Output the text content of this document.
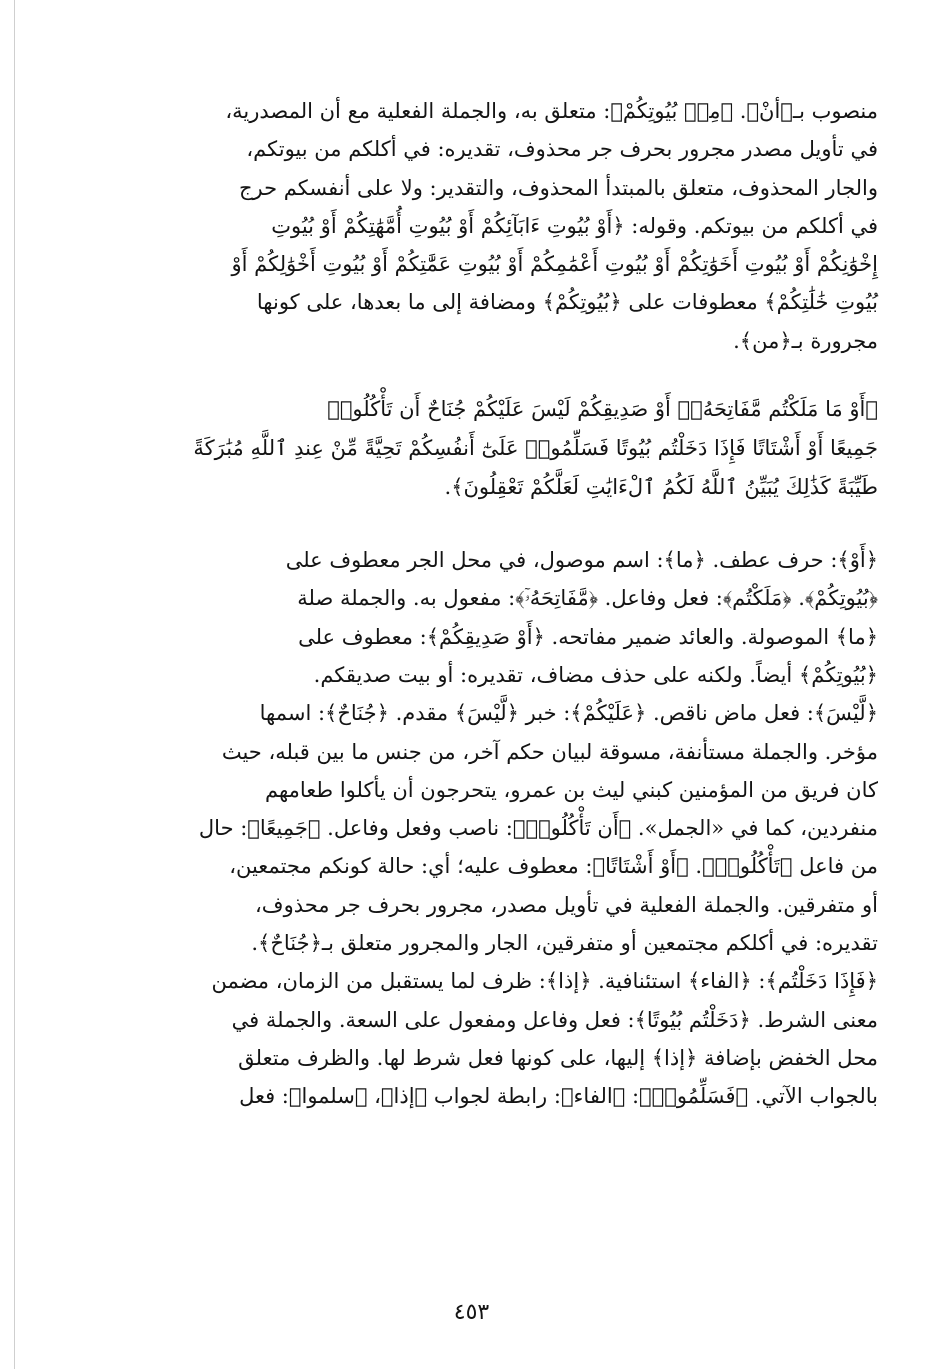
منصوب بـ﴿أنْ﴾. ﴿مِنۢ بُيُوتِكُمْ﴾: متعلق به، والجملة الفعلية مع أن المصدرية،

في تأويل مصدر مجرور بحرف جر محذوف، تقديره: في أكلكم من بيوتكم،

والجار المحذوف، متعلق بالمبتدأ المحذوف، والتقدير: ولا على أنفسكم حرج

في أكلكم من بيوتكم. وقوله: ﴿أَوْ بُيُوتِ ءَابَآئِكُمْ أَوْ بُيُوتِ أُمَّهَٰتِكُمْ أَوْ بُيُوتِ

إِخْوَٰنِكُمْ أَوْ بُيُوتِ أَخَوَٰتِكُمْ أَوْ بُيُوتِ أَعْمَٰمِكُمْ أَوْ بُيُوتِ عَمَّٰتِكُمْ أَوْ بُيُوتِ أَخْوَٰلِكُمْ أَوْ

بُيُوتِ خَٰلَٰتِكُمْ﴾ معطوفات على ﴿بُيُوتِكُمْ﴾ ومضافة إلى ما بعدها، على كونها

مجرورة بـ﴿من﴾.

﴿أَوْ مَا مَلَكْتُم مَّفَاتِحَهُۥٓ أَوْ صَدِيقِكُمْ لَيْسَ عَلَيْكُمْ جُنَاحٌ أَن تَأْكُلُوا۟

جَمِيعًا أَوْ أَشْتَاتًا فَإِذَا دَخَلْتُم بُيُوتًا فَسَلِّمُوا۟ عَلَىٰٓ أَنفُسِكُمْ تَحِيَّةً مِّنْ عِندِ ٱللَّهِ مُبَٰرَكَةً

طَيِّبَةً كَذَٰلِكَ يُبَيِّنُ ٱللَّهُ لَكُمُ ٱلْءَايَٰتِ لَعَلَّكُمْ تَعْقِلُونَ﴾.

﴿أَوْ﴾: حرف عطف. ﴿ما﴾: اسم موصول، في محل الجر معطوف على

﴿بُيُوتِكُمْ﴾. ﴿مَلَكْتُم﴾: فعل وفاعل. ﴿مَّفَاتِحَهُۥٓ﴾: مفعول به. والجملة صلة

﴿ما﴾ الموصولة. والعائد ضمير مفاتحه. ﴿أَوْ صَدِيقِكُمْ﴾: معطوف على

﴿بُيُوتِكُمْ﴾ أيضاً. ولكنه على حذف مضاف، تقديره: أو بيت صديقكم.

﴿لَّيْسَ﴾: فعل ماض ناقص. ﴿عَلَيْكُمْ﴾: خبر ﴿لَّيْسَ﴾ مقدم. ﴿جُنَاحٌ﴾: اسمها

مؤخر. والجملة مستأنفة، مسوقة لبيان حكم آخر، من جنس ما بين قبله، حيث

كان فريق من المؤمنين كبني ليث بن عمرو، يتحرجون أن يأكلوا طعامهم

منفردين، كما في «الجمل». ﴿أَن تَأْكُلُوا۟﴾: ناصب وفعل وفاعل. ﴿جَمِيعًا﴾: حال

من فاعل ﴿تَأْكُلُوا۟﴾. ﴿أَوْ أَشْتَاتًا﴾: معطوف عليه؛ أي: حالة كونكم مجتمعين،

أو متفرقين. والجملة الفعلية في تأويل مصدر، مجرور بحرف جر محذوف،

تقديره: في أكلكم مجتمعين أو متفرقين، الجار والمجرور متعلق بـ﴿جُنَاحٌ﴾.

﴿فَإِذَا دَخَلْتُم﴾: ﴿الفاء﴾ استئنافية. ﴿إذا﴾: ظرف لما يستقبل من الزمان، مضمن

معنى الشرط. ﴿دَخَلْتُم بُيُوتًا﴾: فعل وفاعل ومفعول على السعة. والجملة في

محل الخفض بإضافة ﴿إذا﴾ إليها، على كونها فعل شرط لها. والظرف متعلق

بالجواب الآتي. ﴿فَسَلِّمُوا۟﴾: ﴿الفاء﴾: رابطة لجواب ﴿إذا﴾، ﴿سلموا﴾: فعل

٤٥٣
